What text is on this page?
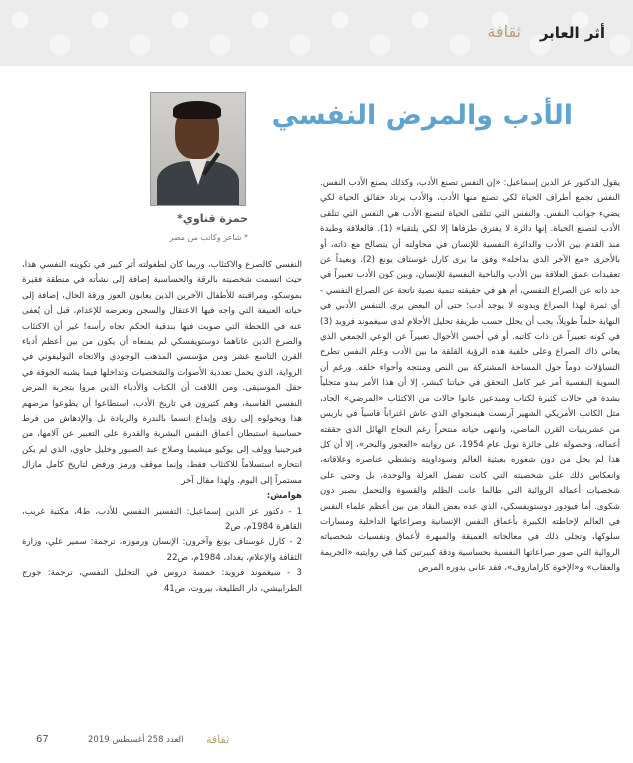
ثقافة أثر العابر
حمزة قناوي*
* شاعر وكاتب من مصر
الأدب والمرض النفسي

يقول الدكتور عز الدين إسماعيل: «إن النفس تصنع الأدب، وكذلك يصنع الأدب النفس. النفس تجمع أطراف الحياة لكي تصنع منها الأدب، والأدب يرتاد حقائق الحياة لكي يضيء جوانب النفس. والنفس التي تتلقى الحياة لتصنع الأدب هي النفس التي تتلقى الأدب لتصنع الحياة. إنها دائرة لا يفترق طرفاها إلا لكي يلتقيا» (1). فالعلاقة وطيدة منذ القدم بين الأدب والدائرة النفسية للإنسان في محاولته أن يتصالح مع ذاته، أو بالأحرى «مع الآخر الذي بداخله» وفق ما يرى كارل غوستاف يونغ (2). وبعيداً عن تعقيدات عمق العلاقة بين الأدب والناحية النفسية للإنسان، وبين كون الأدب تعبيراً في حد ذاته عن الصراع النفسي، أم هو في حقيقته تنمية نصية ناتجة عن الصراع النفسي - أي ثمرة لهذا الصراع وبدونه لا يوجد أدب؛ حتى أن البعض يرى التنفس الأدبي في النهاية حلماً طويلاً، يجب أن يحلل حسب طريقة تحليل الأحلام لدى سيغموند فرويد (3) في كونه تعبيراً عن ذات كاتبه. أو في أحسن الأحوال تعبيراً عن الوعي الجمعي الذي يعاني ذاك الصراع وعلى خلفية هذه الرؤية القلقة ما بين الأدب وعلم النفس تطرح التساؤلات دوماً حول المساحة المشتركة بين النص ومنتجه وأجواء خلقه. ورغم أن السوية النفسية أمر غير كامل التحقق في حياتنا كبشر، إلا أن هذا الأمر يبدو متجلياً بشدة في حالات كثيرة لكتاب ومبدعين عانوا حالات من الاكتئاب «المرضي» الحاد، مثل الكاتب الأمريكي الشهير آرنست هيمنجواي الذي عاش اغتراباً قاسياً في باريس من عشرينيات القرن الماضي، وانتهى حياته منتحراً رغم النجاح الهائل الذي حققته أعماله، وحصوله على جائزة نوبل عام 1954، عن روايته «العجوز والبحر»، إلا أن كل هذا لم يحل من دون شعوره بعبثية العالم وسوداويته وتشظي عناصره وعلاقاته، وانعكاس ذلك على شخصيته التي كانت تفضل العزلة والوحدة، بل وحتى على شخصيات أعماله الروائية التي طالما عانت الظلم والقسوة والتحمل بصبر دون شكوى. أما فيودور دوستويفسكي، الذي عده بعض النقاد من بين أعظم علماء النفس في العالم لإحاطته الكبيرة بأعماق النفس الإنسانية وصراعاتها الداخلية ومسارات سلوكها، وتجلى ذلك في معالجاته العميقة والمبهرة لأعماق ونفسيات شخصياته الروائية التي صور صراعاتها النفسية بحساسية ودقة كبيرتين كما في روايتيه «الجريمة والعقاب» و«الإخوة كارامازوف»، فقد عانى بدوره المرض

النفسي كالصرع والاكتئاب، وربما كان لطفولته أثر كبير في تكوينه النفسي هذا، حيث اتسمت شخصيته بالرقة والحساسية إضافة إلى نشأته في منطقة فقيرة بموسكو، ومراقبته للأطفال الآخرين الذين يعانون العوز ورقة الحال، إضافة إلى حياته العنيفة التي واجه فيها الاعتقال والسجن وتعرضه للإعدام، قبل أن يُعفى عنه في اللحظة التي صوبت فيها بندقية الحكم تجاه رأسه! غير أن الاكتئاب والصرع الذين عاناهما دوستويفسكي لم يمنعاه أن يكون من بين أعظم أدباء القرن التاسع عشر ومن مؤسسي المذهب الوجودي والاتجاه البوليفوني في الرواية، الذي يحمل تعددية الأصوات والشخصيات وتداخلها فيما يشبه الجوقة في حقل الموسيقى. ومن اللافت أن الكتاب والأدباء الذين مروا بتجربة المرض النفسي القاسية، وهم كثيرون في تاريخ الأدب، استطاعوا أن يطوعوا مرضهم هذا ويحولوه إلى رؤى وإبداع اتسما بالندرة والريادة بل والإدهاش من فرط حساسية استبطان أعماق النفس البشرية والقدرة على التعبير عن آلامها، من فيرجينيا وولف إلى يوكيو ميشيما وصلاح عبد الصبور وخليل حاوي، الذي لم يكن انتحاره استسلاماً للاكتئاب فقط، وإنما موقف ورمز ورفض لتاريخ كامل مازال مستمراً إلى اليوم. ولهذا مقال آخر

هوامش:

1 - دكتور عز الدين إسماعيل: التفسير النفسي للأدب، ط4، مكتبة غريب، القاهرة 1984م، ص2

2 - كارل غوستاف يونغ وآخرون: الإنسان ورموزه، ترجمة: سمير علي، وزارة الثقافة والإعلام، بغداد، 1984م، ص22

3 - سيغموند فرويد: خمسة دروس في التحليل النفسي، ترجمة: جورج الطرابيشي، دار الطليعة، بيروت، ص41

67	العدد 258 أغسطس 2019 ثقافة
